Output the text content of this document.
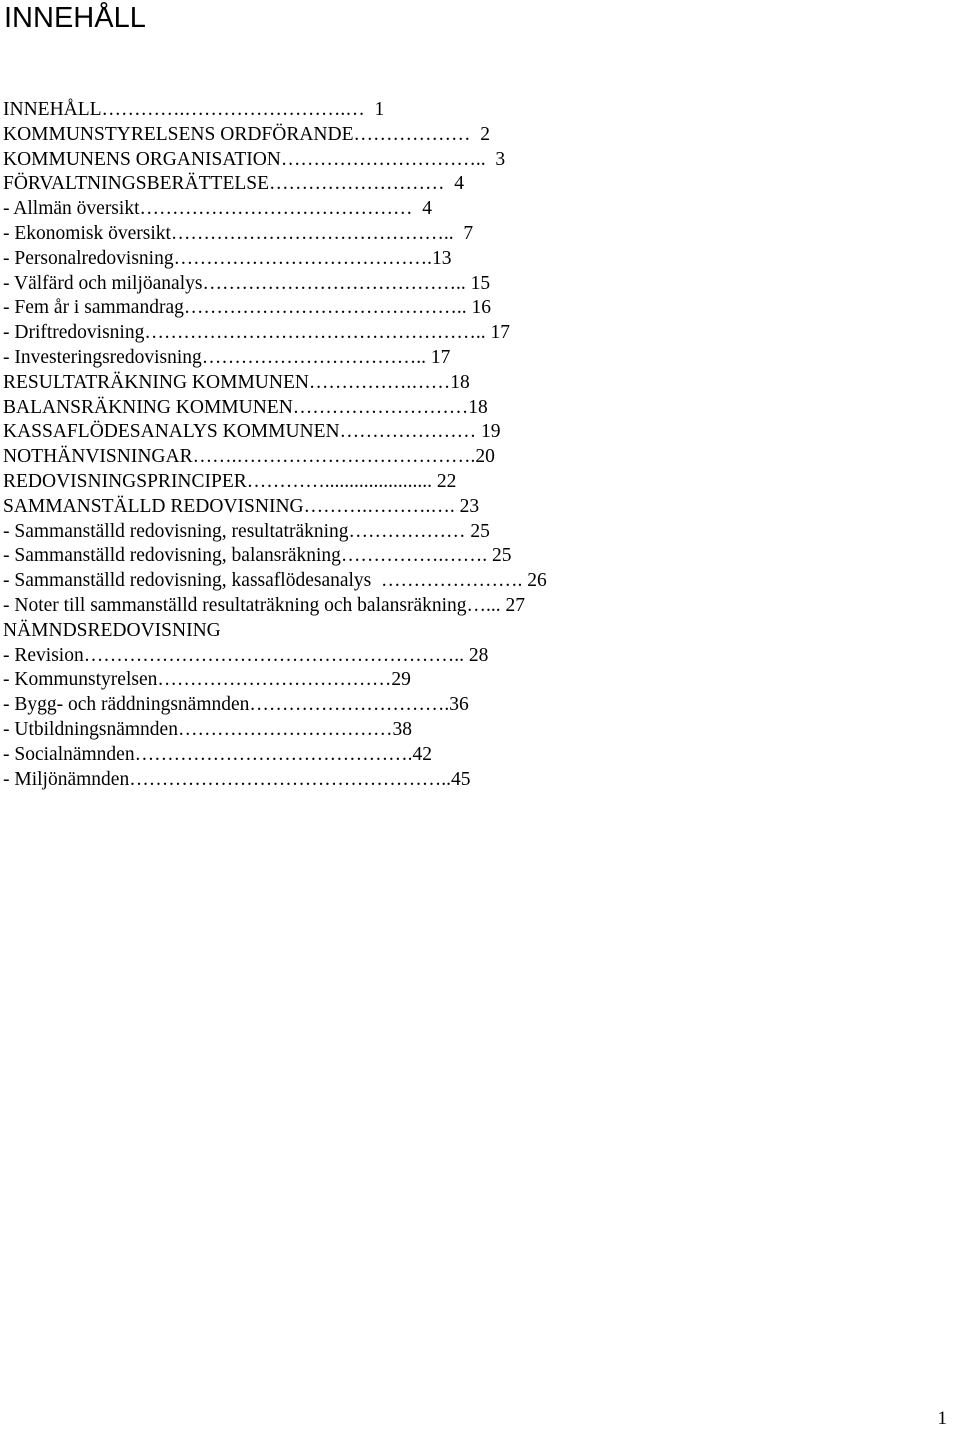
INNEHÅLL
INNEHÅLL………….…………………….…  1
KOMMUNSTYRELSENS ORDFÖRANDE………………  2
KOMMUNENS ORGANISATION…………………………..  3
FÖRVALTNINGSBERÄTTELSE………………………  4
- Allmän översikt……………………………………  4
- Ekonomisk översikt……………………………………..  7
- Personalredovisning………………………………….13
- Välfärd och miljöanalys………………………………….. 15
- Fem år i sammandrag…………………………………….. 16
- Driftredovisning…………………………………………….. 17
- Investeringsredovisning…………………………….. 17
RESULTATRÄKNING KOMMUNEN…………….……18
BALANSRÄKNING KOMMUNEN………………………18
KASSAFLÖDESANALYS KOMMUNEN………………… 19
NOTHÄNVISNINGAR…….……………………………….20
REDOVISNINGSPRINCIPER…………...................... 22
SAMMANSTÄLLD REDOVISNING……….……….…. 23
- Sammanställd redovisning, resultaträkning……………… 25
- Sammanställd redovisning, balansräkning…………….……. 25
- Sammanställd redovisning, kassaflödesanalys  …………………. 26
- Noter till sammanställd resultaträkning och balansräkning…... 27
NÄMNDSREDOVISNING
- Revision………………………………………………….. 28
- Kommunstyrelsen………………………………29
- Bygg- och räddningsnämnden………………………….36
- Utbildningsnämnden……………………………38
- Socialnämnden…………………………………….42
- Miljönämnden…………………………………………..45
1
